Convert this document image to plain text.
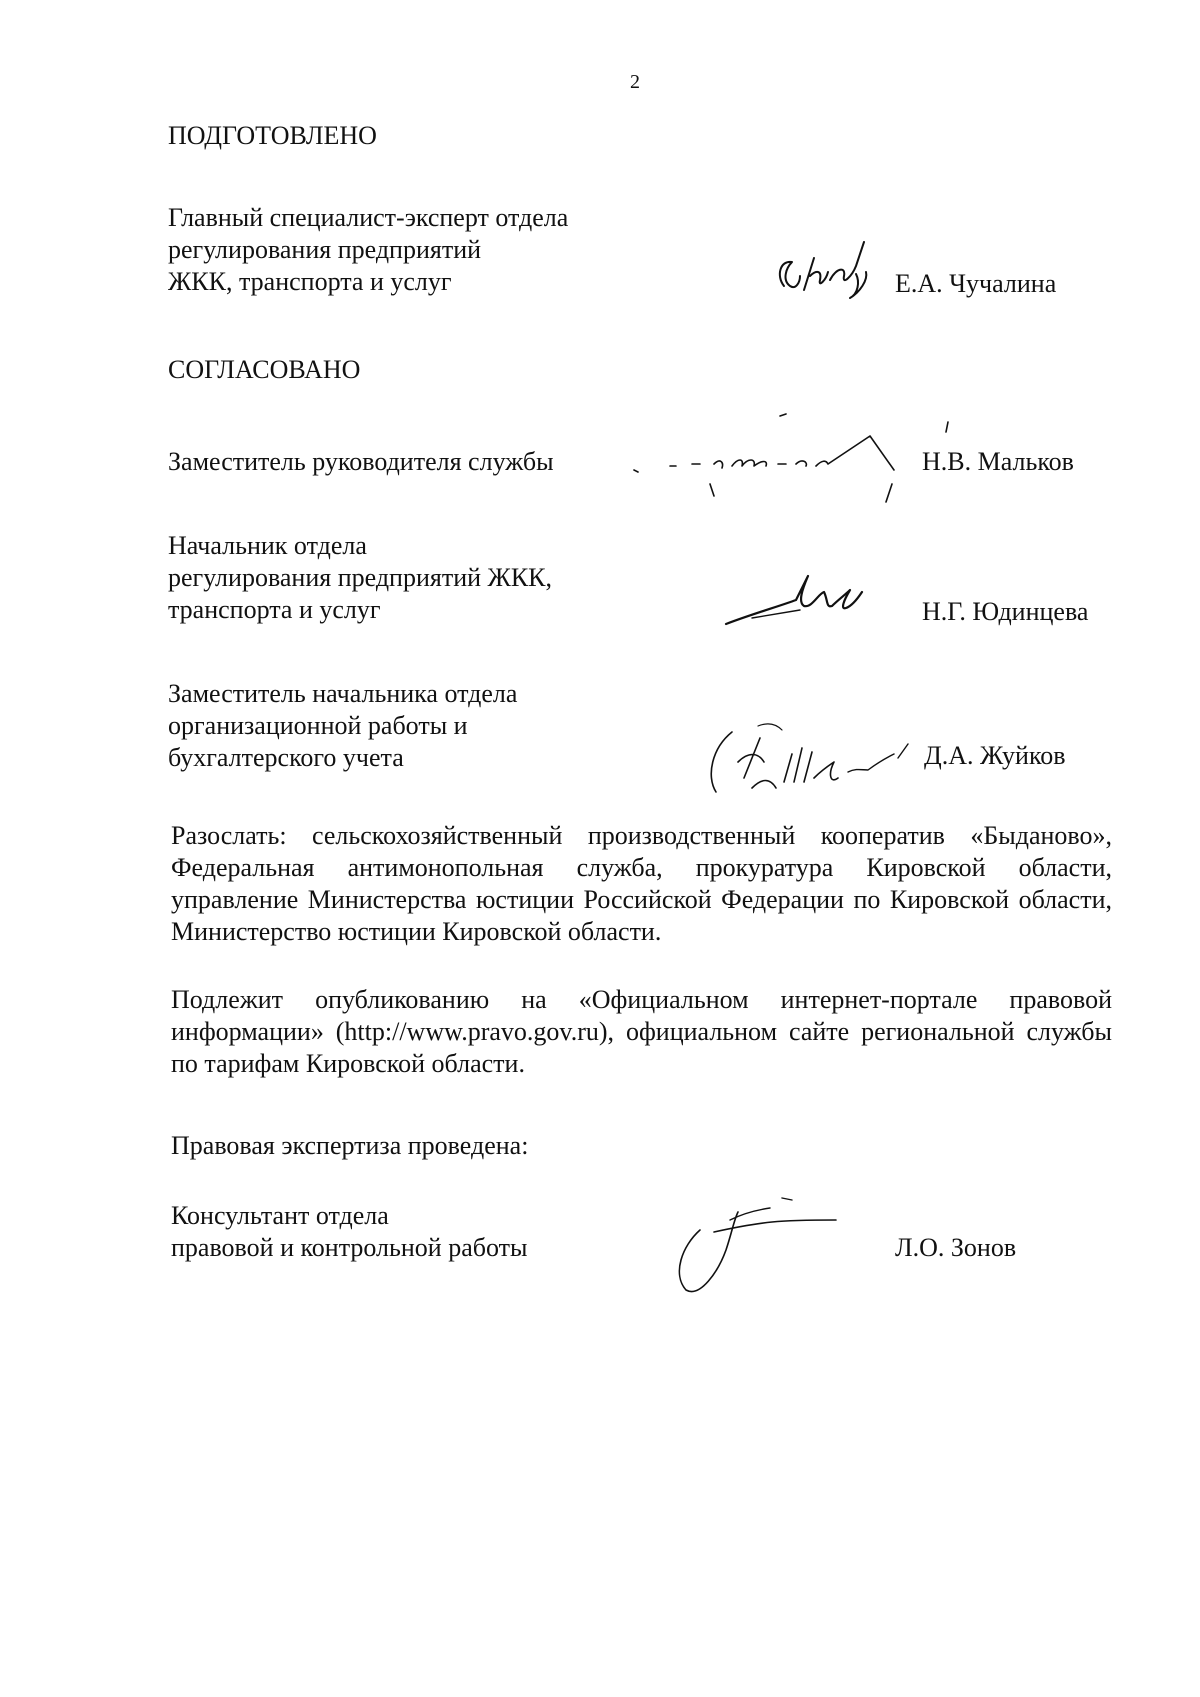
2

ПОДГОТОВЛЕНО

Главный специалист-эксперт отдела

регулирования предприятий

ЖКК, транспорта и услуг	Е.А. Чучалина

СОГЛАСОВАНО

Заместитель руководителя службы	Н.В. Мальков

Начальник отдела

регулирования предприятий ЖКК,

транспорта и услуг	Н.Г. Юдинцева

Заместитель начальника отдела

организационной работы и

бухгалтерского учета	Д.А. Жуйков

Разослать: сельскохозяйственный производственный кооператив «Быданово», Федеральная антимонопольная служба, прокуратура Кировской области, управление Министерства юстиции Российской Федерации по Кировской области, Министерство юстиции Кировской области.

Подлежит опубликованию на «Официальном интернет-портале правовой информации» (http://www.pravo.gov.ru), официальном сайте региональной службы по тарифам Кировской области.

Правовая экспертиза проведена:

Консультант отдела

правовой и контрольной работы	Л.О. Зонов
